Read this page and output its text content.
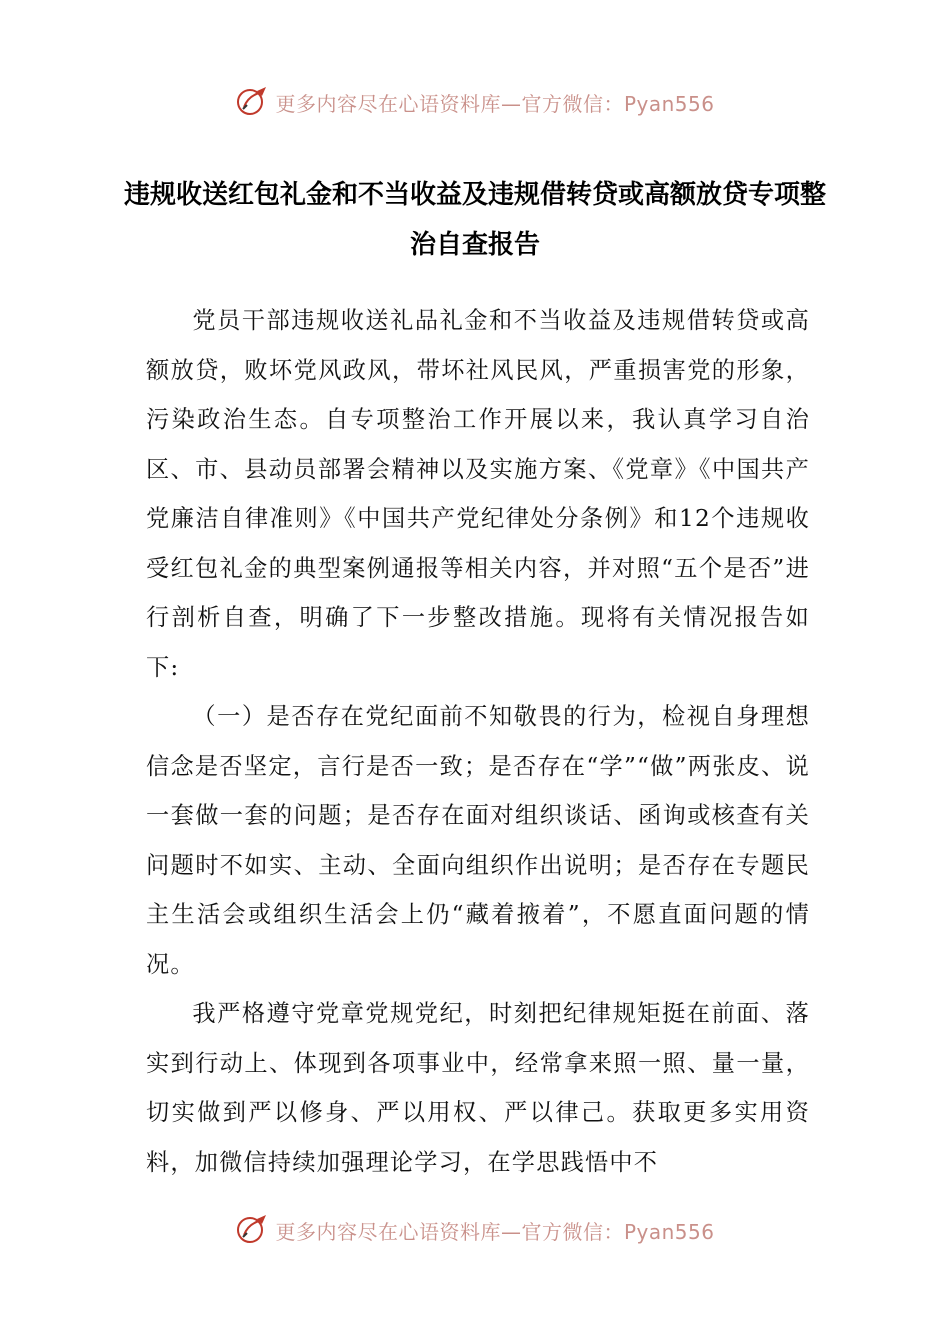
更多内容尽在心语资料库—官方微信：Pyan556
违规收送红包礼金和不当收益及违规借转贷或高额放贷专项整治自查报告

党员干部违规收送礼品礼金和不当收益及违规借转贷或高额放贷，败坏党风政风，带坏社风民风，严重损害党的形象，污染政治生态。自专项整治工作开展以来，我认真学习自治区、市、县动员部署会精神以及实施方案、《党章》《中国共产党廉洁自律准则》《中国共产党纪律处分条例》和12个违规收受红包礼金的典型案例通报等相关内容，并对照“五个是否”进行剖析自查，明确了下一步整改措施。现将有关情况报告如下:

（一）是否存在党纪面前不知敬畏的行为，检视自身理想信念是否坚定，言行是否一致；是否存在“学”“做”两张皮、说一套做一套的问题；是否存在面对组织谈话、函询或核查有关问题时不如实、主动、全面向组织作出说明；是否存在专题民主生活会或组织生活会上仍“藏着掖着”，不愿直面问题的情况。

我严格遵守党章党规党纪，时刻把纪律规矩挺在前面、落实到行动上、体现到各项事业中，经常拿来照一照、量一量，切实做到严以修身、严以用权、严以律己。获取更多实用资料，加微信持续加强理论学习，在学思践悟中不

更多内容尽在心语资料库—官方微信：Pyan556
